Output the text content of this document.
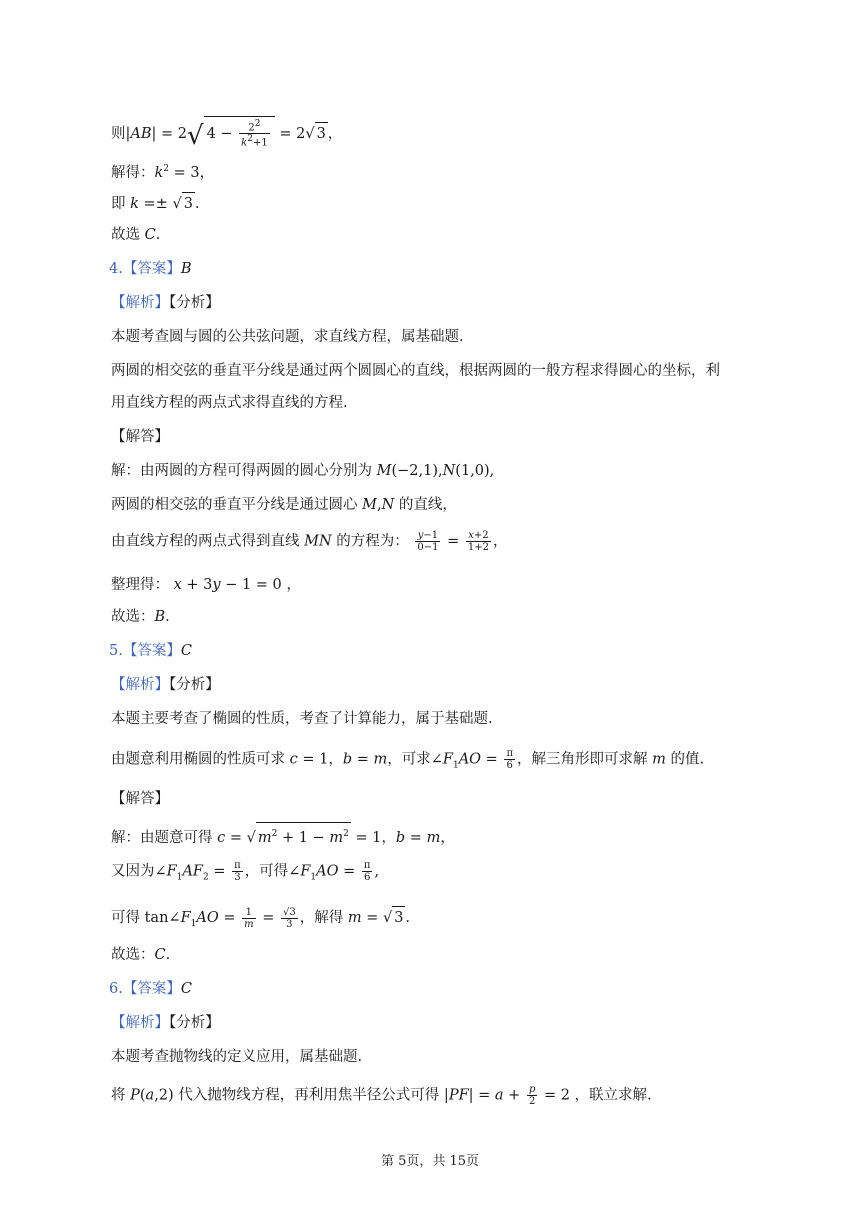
则|AB| = 2√ $4 - \frac{2^2}{k^2+1} = 2√$ 3 ，
解得：$k^2 = 3$，
即 k =± √ 3 .
故选 C.
4.【答案】B
【解析】【分析】
本题考查圆与圆的公共弦问题，求直线方程，属基础题.
两圆的相交弦的垂直平分线是通过两个圆圆心的直线，根据两圆的一般方程求得圆心的坐标，利
用直线方程的两点式求得直线的方程.
【解答】
解：由两圆的方程可得两圆的圆心分别为 M(−2,1),N(1,0),
两圆的相交弦的垂直平分线是通过圆心 M,N 的直线，
由直线方程的两点式得到直线 MN 的方程为： $\frac{y-1}{0-1} = \frac{x+2}{1+2}$ ，
整理得： x + 3y − 1 = 0 ，
故选：B.
5.【答案】C
【解析】【分析】
本题主要考查了椭圆的性质，考查了计算能力，属于基础题.
由题意利用椭圆的性质可求 c = 1，b = m，可求$\angle F_1AO = \frac{\pi}{6}$ ，解三角形即可求解 m 的值.
【解答】
解：由题意可得 c = √ $m^2 + 1 - m^2 = 1$，b = m，
又因为$\angle F_1AF_2 = \frac{\pi}{3}$ ，可得$\angle F_1AO = \frac{\pi}{6}$ ,
可得 $\tan\angle F_1AO = \frac{1}{m} = \frac{√3}{3}$ ，解得 m = √ 3 .
故选：C.
6.【答案】C
【解析】【分析】
本题考查抛物线的定义应用，属基础题.
将 P(a,2) 代入抛物线方程，再利用焦半径公式可得 $|PF| = a + \frac{p}{2} = 2$ ，联立求解.
第 5页，共 15页
